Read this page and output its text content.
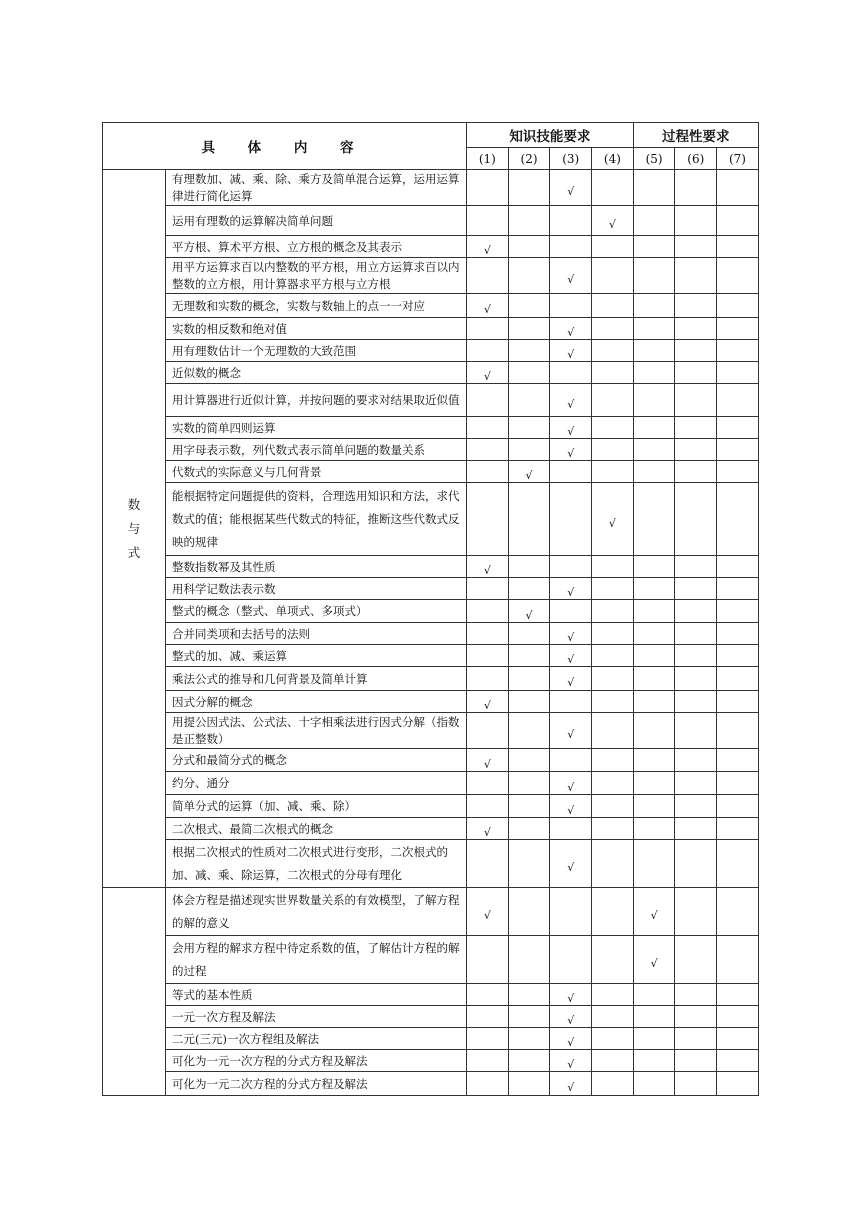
具 体 内 容		知识技能要求				过程性要求		
		(1)	(2)	(3)	(4)	(5)	(6)	(7)

数
与
式	有理数加、减、乘、除、乘方及简单混合运算，运用运算律进行简化运算			√				
	运用有理数的运算解决简单问题				√			
	平方根、算术平方根、立方根的概念及其表示	√						
	用平方运算求百以内整数的平方根，用立方运算求百以内整数的立方根，用计算器求平方根与立方根			√				
	无理数和实数的概念，实数与数轴上的点一一对应	√						
	实数的相反数和绝对值			√				
	用有理数估计一个无理数的大致范围			√				
	近似数的概念	√						
	用计算器进行近似计算，并按问题的要求对结果取近似值			√				
	实数的简单四则运算			√				
	用字母表示数，列代数式表示简单问题的数量关系			√				
	代数式的实际意义与几何背景		√					
	能根据特定问题提供的资料，合理选用知识和方法，求代数式的值；能根据某些代数式的特征，推断这些代数式反映的规律				√			
	整数指数幂及其性质	√						
	用科学记数法表示数			√				
	整式的概念（整式、单项式、多项式）		√					
	合并同类项和去括号的法则			√				
	整式的加、减、乘运算			√				
	乘法公式的推导和几何背景及简单计算			√				
	因式分解的概念	√						
	用提公因式法、公式法、十字相乘法进行因式分解（指数是正整数）			√				
	分式和最简分式的概念	√						
	约分、通分			√				
	简单分式的运算（加、减、乘、除）			√				
	二次根式、最简二次根式的概念	√						
	根据二次根式的性质对二次根式进行变形，二次根式的加、减、乘、除运算，二次根式的分母有理化			√				

	体会方程是描述现实世界数量关系的有效模型，了解方程的解的意义	√				√		
	会用方程的解求方程中待定系数的值，了解估计方程的解的过程					√		
	等式的基本性质			√				
	一元一次方程及解法			√				
	二元(三元)一次方程组及解法			√				
	可化为一元一次方程的分式方程及解法			√				
	可化为一元二次方程的分式方程及解法			√				
